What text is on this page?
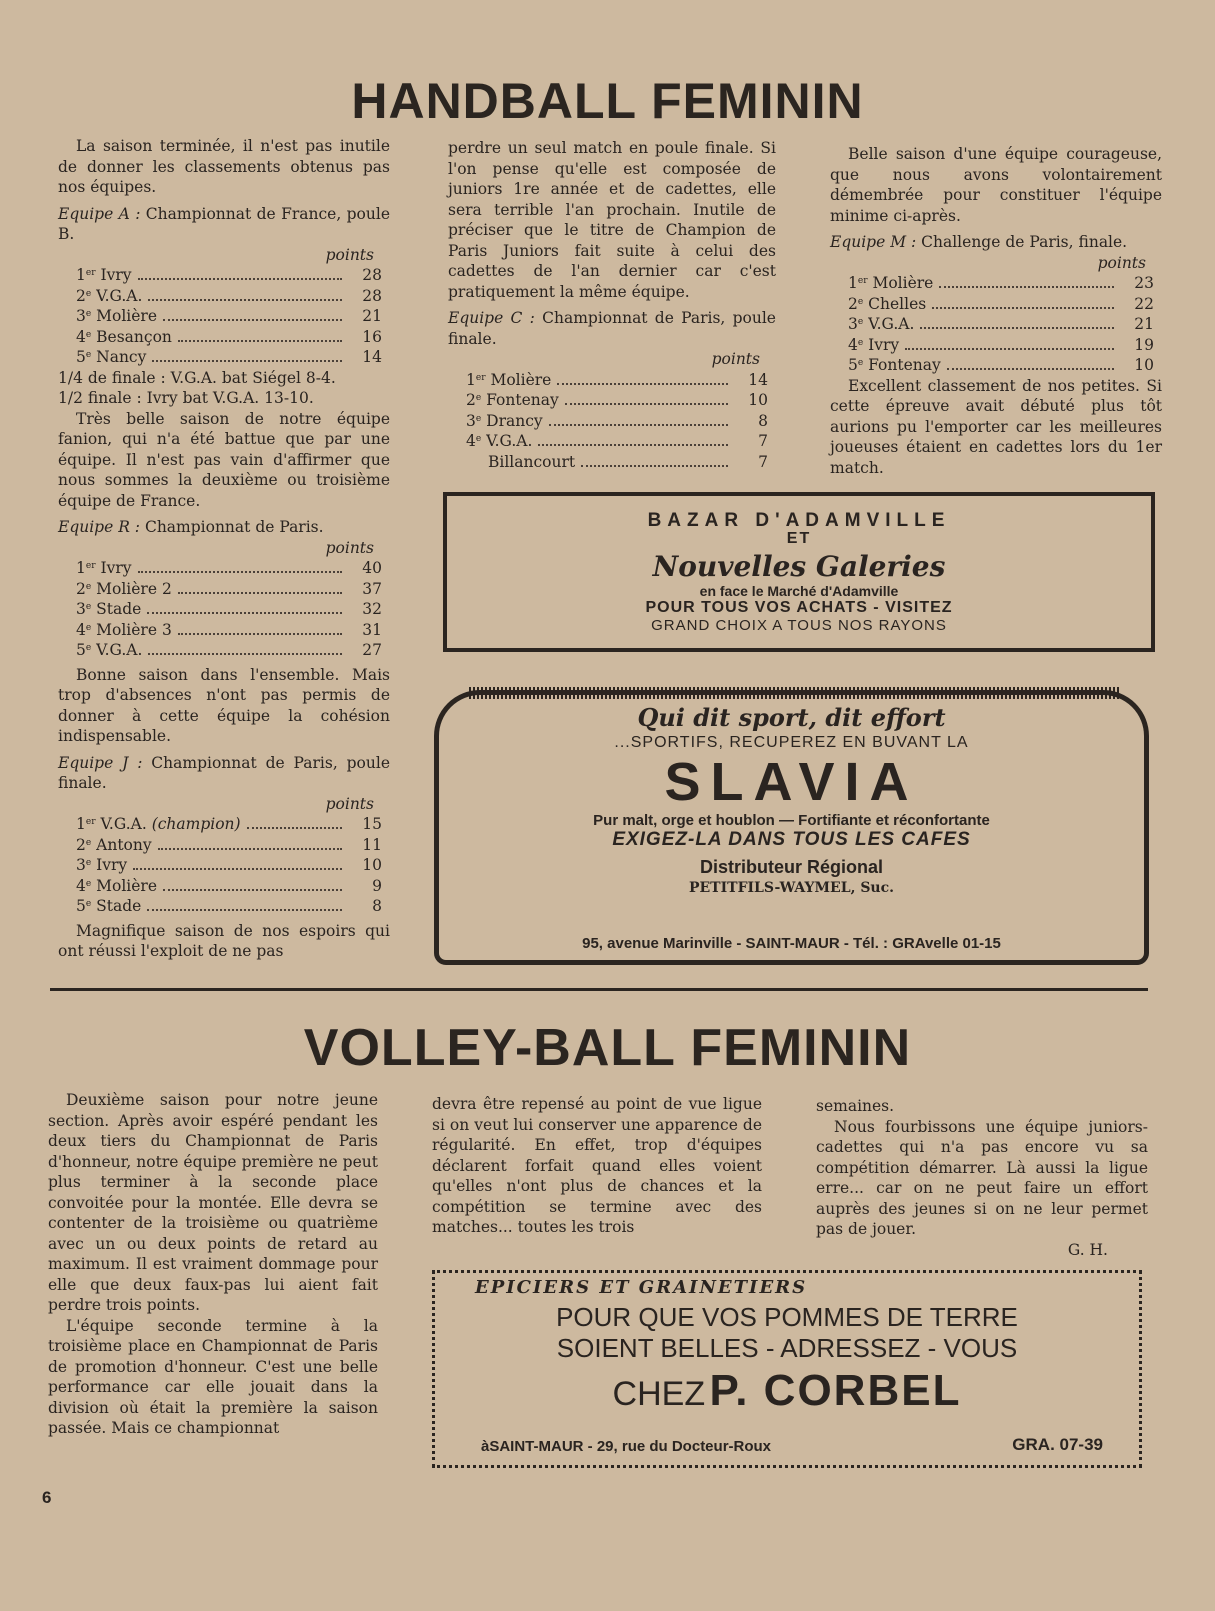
HANDBALL FEMININ

La saison terminée, il n'est pas inutile de donner les classements obtenus pas nos équipes.

Equipe A : Championnat de France, poule B.

points
1er Ivry	28
2e V.G.A.	28
3e Molière	21
4e Besançon	16
5e Nancy	14

1/4 de finale : V.G.A. bat Siégel 8-4.

1/2 finale : Ivry bat V.G.A. 13-10.

Très belle saison de notre équipe fanion, qui n'a été battue que par une équipe. Il n'est pas vain d'affirmer que nous sommes la deuxième ou troisième équipe de France.

Equipe R : Championnat de Paris.

points
1er Ivry	40
2e Molière 2	37
3e Stade	32
4e Molière 3	31
5e V.G.A.	27

Bonne saison dans l'ensemble. Mais trop d'absences n'ont pas permis de donner à cette équipe la cohésion indispensable.

Equipe J : Championnat de Paris, poule finale.

points
1er V.G.A. (champion)	15
2e Antony	11
3e Ivry	10
4e Molière	9
5e Stade	8

Magnifique saison de nos espoirs qui ont réussi l'exploit de ne pas

perdre un seul match en poule finale. Si l'on pense qu'elle est composée de juniors 1re année et de cadettes, elle sera terrible l'an prochain. Inutile de préciser que le titre de Champion de Paris Juniors fait suite à celui des cadettes de l'an dernier car c'est pratiquement la même équipe.

Equipe C : Championnat de Paris, poule finale.

points
1er Molière	14
2e Fontenay	10
3e Drancy	8
4e V.G.A.	7
Billancourt	7

Belle saison d'une équipe courageuse, que nous avons volontairement démembrée pour constituer l'équipe minime ci-après.

Equipe M : Challenge de Paris, finale.

points
1er Molière	23
2e Chelles	22
3e V.G.A.	21
4e Ivry	19
5e Fontenay	10

Excellent classement de nos petites. Si cette épreuve avait débuté plus tôt aurions pu l'emporter car les meilleures joueuses étaient en cadettes lors du 1er match.

BAZAR D'ADAMVILLE
ET
Nouvelles Galeries
en face le Marché d'Adamville
POUR TOUS VOS ACHATS - VISITEZ
GRAND CHOIX A TOUS NOS RAYONS
Qui dit sport, dit effort
...SPORTIFS, RECUPEREZ EN BUVANT LA
SLAVIA
Pur malt, orge et houblon — Fortifiante et réconfortante
EXIGEZ-LA DANS TOUS LES CAFES
Distributeur Régional
PETITFILS-WAYMEL, Suc.
95, avenue Marinville - SAINT-MAUR - Tél. : GRAvelle 01-15
VOLLEY-BALL FEMININ

Deuxième saison pour notre jeune section. Après avoir espéré pendant les deux tiers du Championnat de Paris d'honneur, notre équipe première ne peut plus terminer à la seconde place convoitée pour la montée. Elle devra se contenter de la troisième ou quatrième avec un ou deux points de retard au maximum. Il est vraiment dommage pour elle que deux faux-pas lui aient fait perdre trois points.

L'équipe seconde termine à la troisième place en Championnat de Paris de promotion d'honneur. C'est une belle performance car elle jouait dans la division où était la première la saison passée. Mais ce championnat

devra être repensé au point de vue ligue si on veut lui conserver une apparence de régularité. En effet, trop d'équipes déclarent forfait quand elles voient qu'elles n'ont plus de chances et la compétition se termine avec des matches... toutes les trois

semaines.

Nous fourbissons une équipe juniors-cadettes qui n'a pas encore vu sa compétition démarrer. Là aussi la ligue erre... car on ne peut faire un effort auprès des jeunes si on ne leur permet pas de jouer.

G. H.

EPICIERS ET GRAINETIERS
POUR QUE VOS POMMES DE TERRE
SOIENT BELLES - ADRESSEZ - VOUS
CHEZ P. CORBEL
àSAINT-MAUR - 29, rue du Docteur-Roux	GRA. 07-39
6
